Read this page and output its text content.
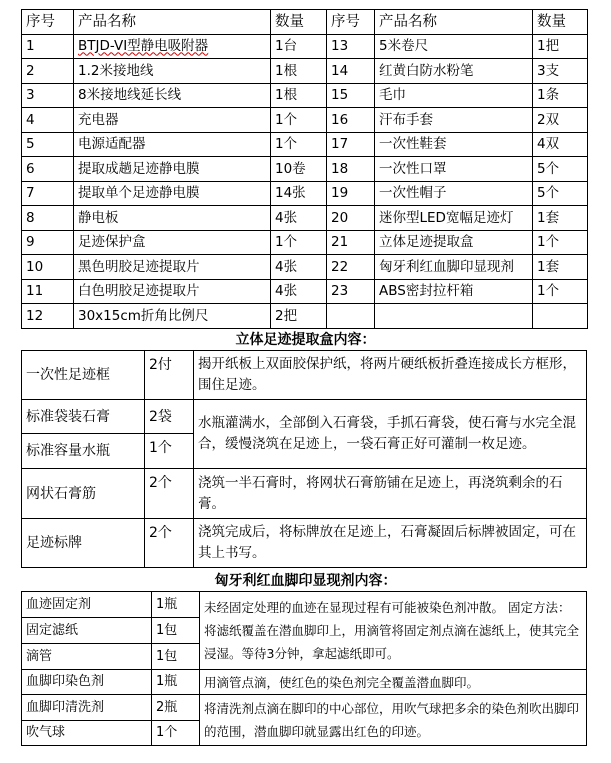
序号	产品名称	数量	序号	产品名称	数量
1	BTJD-VI型静电吸附器	1台	13	5米卷尺	1把
2	1.2米接地线	1根	14	红黄白防水粉笔	3支
3	8米接地线延长线	1根	15	毛巾	1条
4	充电器	1个	16	汗布手套	2双
5	电源适配器	1个	17	一次性鞋套	4双
6	提取成趟足迹静电膜	10卷	18	一次性口罩	5个
7	提取单个足迹静电膜	14张	19	一次性帽子	5个
8	静电板	4张	20	迷你型LED宽幅足迹灯	1套
9	足迹保护盒	1个	21	立体足迹提取盒	1个
10	黑色明胶足迹提取片	4张	22	匈牙利红血脚印显现剂	1套
11	白色明胶足迹提取片	4张	23	ABS密封拉杆箱	1个
12	30x15cm折角比例尺	2把			
立体足迹提取盒内容：
一次性足迹框	2付	揭开纸板上双面胶保护纸，将两片硬纸板折叠连接成长方框形，围住足迹。
标准袋装石膏	2袋	水瓶灌满水，全部倒入石膏袋，手抓石膏袋，使石膏与水完全混合，缓慢浇筑在足迹上，一袋石膏正好可灌制一枚足迹。
标准容量水瓶	1个	
网状石膏筋	2个	浇筑一半石膏时，将网状石膏筋铺在足迹上，再浇筑剩余的石膏。
足迹标牌	2个	浇筑完成后，将标牌放在足迹上，石膏凝固后标牌被固定，可在其上书写。
匈牙利红血脚印显现剂内容：
血迹固定剂	1瓶	未经固定处理的血迹在显现过程有可能被染色剂冲散。 固定方法：将滤纸覆盖在潜血脚印上，用滴管将固定剂点滴在滤纸上，使其完全浸湿。等待3分钟，拿起滤纸即可。
固定滤纸	1包	
滴管	1包	
血脚印染色剂	1瓶	用滴管点滴，使红色的染色剂完全覆盖潜血脚印。
血脚印清洗剂	2瓶	将清洗剂点滴在脚印的中心部位，用吹气球把多余的染色剂吹出脚印的范围，潜血脚印就显露出红色的印迹。
吹气球	1个	
